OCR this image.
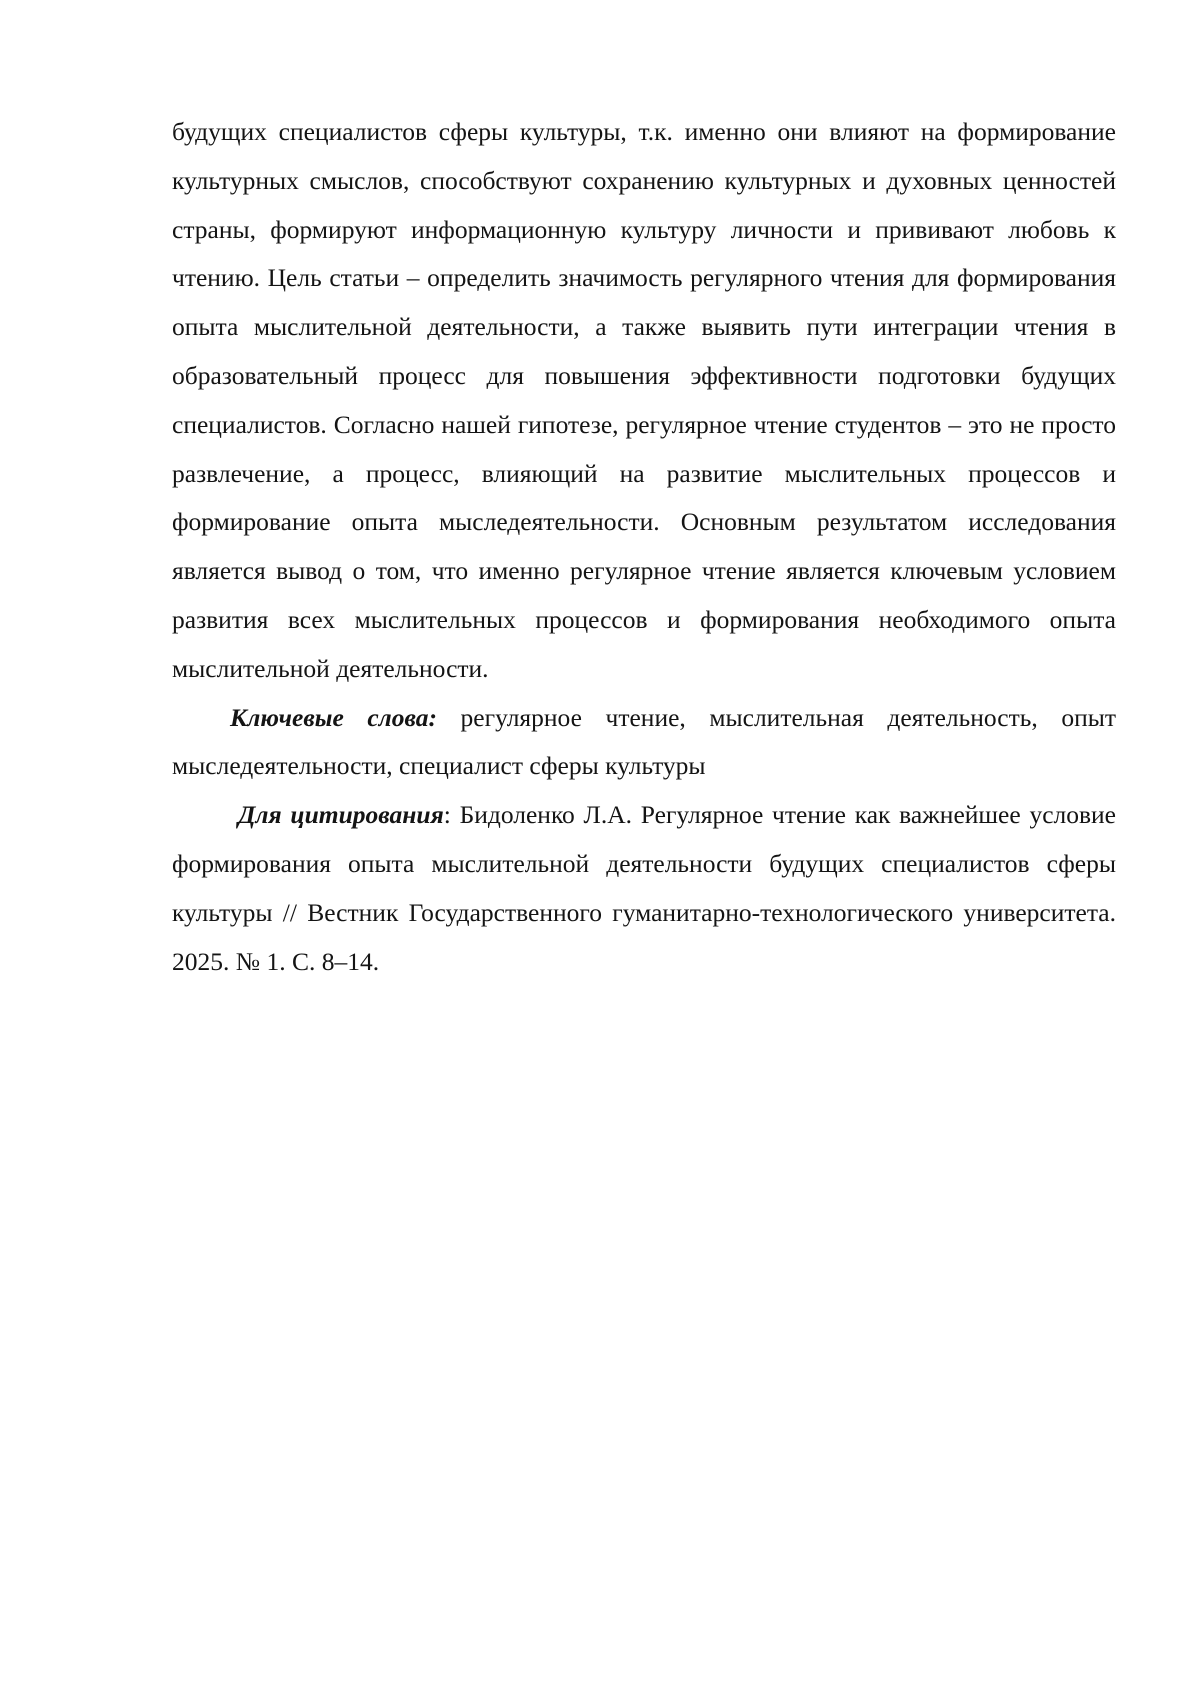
будущих специалистов сферы культуры, т.к. именно они влияют на формирование культурных смыслов, способствуют сохранению культурных и духовных ценностей страны, формируют информационную культуру личности и прививают любовь к чтению. Цель статьи – определить значимость регулярного чтения для формирования опыта мыслительной деятельности, а также выявить пути интеграции чтения в образовательный процесс для повышения эффективности подготовки будущих специалистов. Согласно нашей гипотезе, регулярное чтение студентов – это не просто развлечение, а процесс, влияющий на развитие мыслительных процессов и формирование опыта мыследеятельности. Основным результатом исследования является вывод о том, что именно регулярное чтение является ключевым условием развития всех мыслительных процессов и формирования необходимого опыта мыслительной деятельности.

Ключевые слова: регулярное чтение, мыслительная деятельность, опыт мыследеятельности, специалист сферы культуры

Для цитирования: Бидоленко Л.А. Регулярное чтение как важнейшее условие формирования опыта мыслительной деятельности будущих специалистов сферы культуры // Вестник Государственного гуманитарно-технологического университета. 2025. № 1. С. 8–14.
